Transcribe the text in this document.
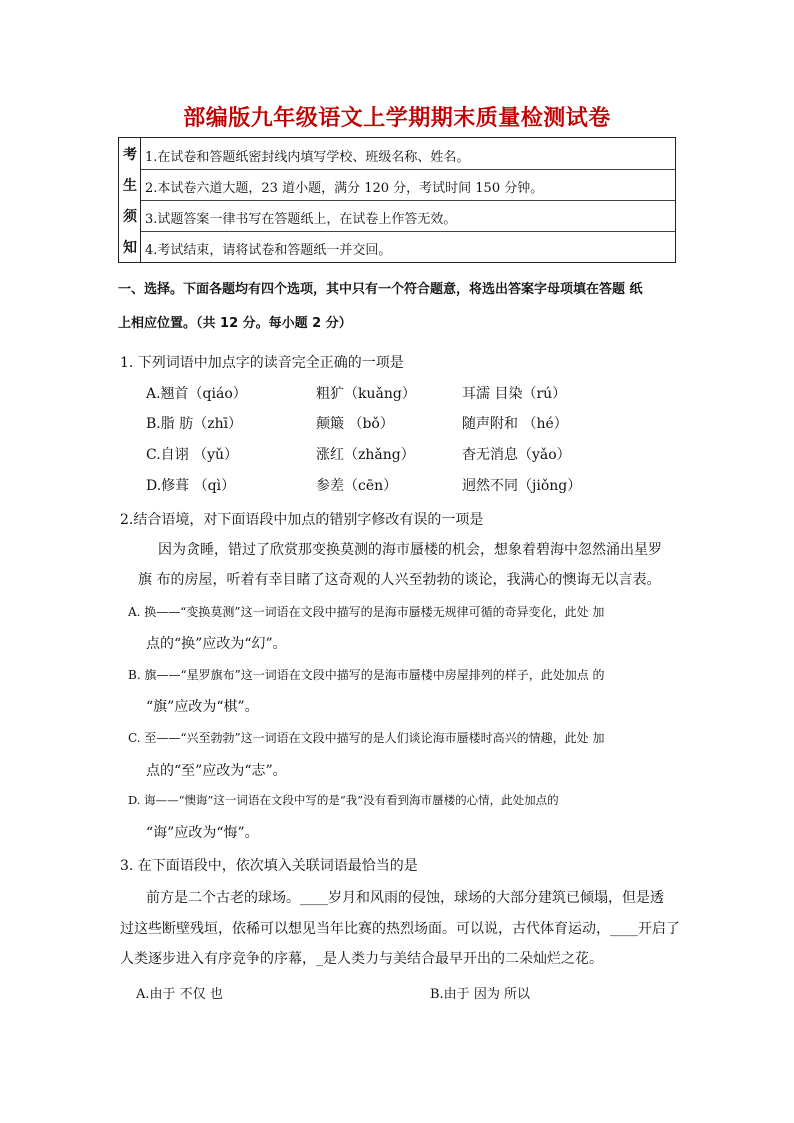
部编版九年级语文上学期期末质量检测试卷
考
生
须
知
1.在试卷和答题纸密封线内填写学校、班级名称、姓名。
2.本试卷六道大题，23 道小题，满分 120 分，考试时间 150 分钟。
3.试题答案一律书写在答题纸上，在试卷上作答无效。
4.考试结束，请将试卷和答题纸一并交回。
一、选择。下面各题均有四个选项，其中只有一个符合题意，将选出答案字母项填在答题 纸
上相应位置。（共 12 分。每小题 2 分）
1. 下列词语中加点字的读音完全正确的一项是
A.翘首（qiáo）	粗犷（kuǎng）	耳濡 目染（rú）
B.脂 肪（zhī）	颠簸 （bǒ）	随声附和 （hé）
C.自诩 （yǔ）	涨红（zhǎng）	杳无消息（yǎo）
D.修葺 （qì）	参差（cēn）	迥然不同（jiǒng）
2.结合语境，对下面语段中加点的错别字修改有误的一项是
因为贪睡，错过了欣赏那变换莫测的海市蜃楼的机会，想象着碧海中忽然涌出星罗
旗 布的房屋，听着有幸目睹了这奇观的人兴至勃勃的谈论，我满心的懊诲无以言表。
A. 换——“变换莫测”这一词语在文段中描写的是海市蜃楼无规律可循的奇异变化，此处 加
点的“换”应改为“幻”。
B. 旗——“星罗旗布”这一词语在文段中描写的是海市蜃楼中房屋排列的样子，此处加点 的
“旗”应改为“棋”。
C. 至——“兴至勃勃”这一词语在文段中描写的是人们谈论海市蜃楼时高兴的情趣，此处 加
点的“至”应改为“志”。
D. 诲——“懊诲”这一词语在文段中写的是“我”没有看到海市蜃楼的心情，此处加点的
“诲”应改为“悔”。
3. 在下面语段中，依次填入关联词语最恰当的是
前方是二个古老的球场。____岁月和风雨的侵蚀，球场的大部分建筑已倾塌，但是透
过这些断壁残垣，依稀可以想见当年比赛的热烈场面。可以说，古代体育运动，____开启了
人类逐步进入有序竞争的序幕，_是人类力与美结合最早开出的二朵灿烂之花。
A.由于 不仅 也	B.由于 因为 所以
